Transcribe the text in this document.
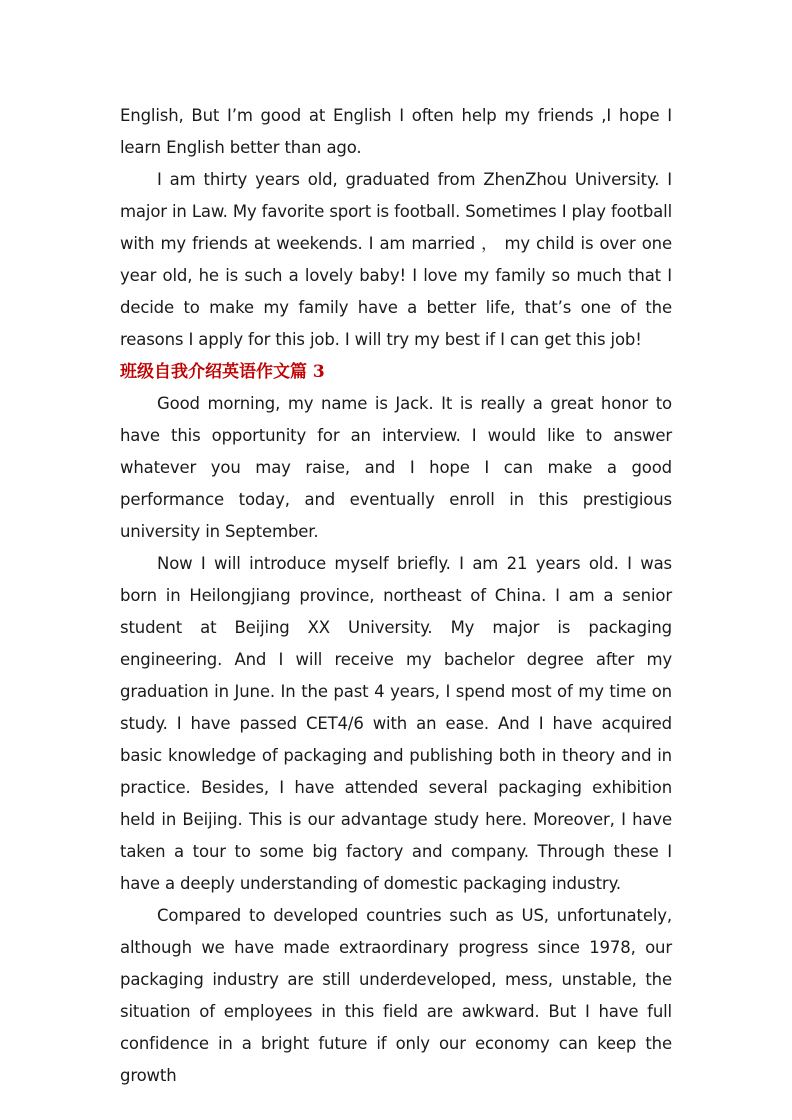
English, But I’m good at English I often help my friends ,I hope I learn English better than ago.

I am thirty years old, graduated from ZhenZhou University. I major in Law. My favorite sport is football. Sometimes I play football with my friends at weekends. I am married ， my child is over one year old, he is such a lovely baby! I love my family so much that I decide to make my family have a better life, that’s one of the reasons I apply for this job. I will try my best if I can get this job!

班级自我介绍英语作文篇 3

Good morning, my name is Jack. It is really a great honor to have this opportunity for an interview. I would like to answer whatever you may raise, and I hope I can make a good performance today, and eventually enroll in this prestigious university in September.

Now I will introduce myself briefly. I am 21 years old. I was born in Heilongjiang province, northeast of China. I am a senior student at Beijing XX University. My major is packaging engineering. And I will receive my bachelor degree after my graduation in June. In the past 4 years, I spend most of my time on study. I have passed CET4/6 with an ease. And I have acquired basic knowledge of packaging and publishing both in theory and in practice. Besides, I have attended several packaging exhibition held in Beijing. This is our advantage study here. Moreover, I have taken a tour to some big factory and company. Through these I have a deeply understanding of domestic packaging industry.

Compared to developed countries such as US, unfortunately, although we have made extraordinary progress since 1978, our packaging industry are still underdeveloped, mess, unstable, the situation of employees in this field are awkward. But I have full confidence in a bright future if only our economy can keep the growth
